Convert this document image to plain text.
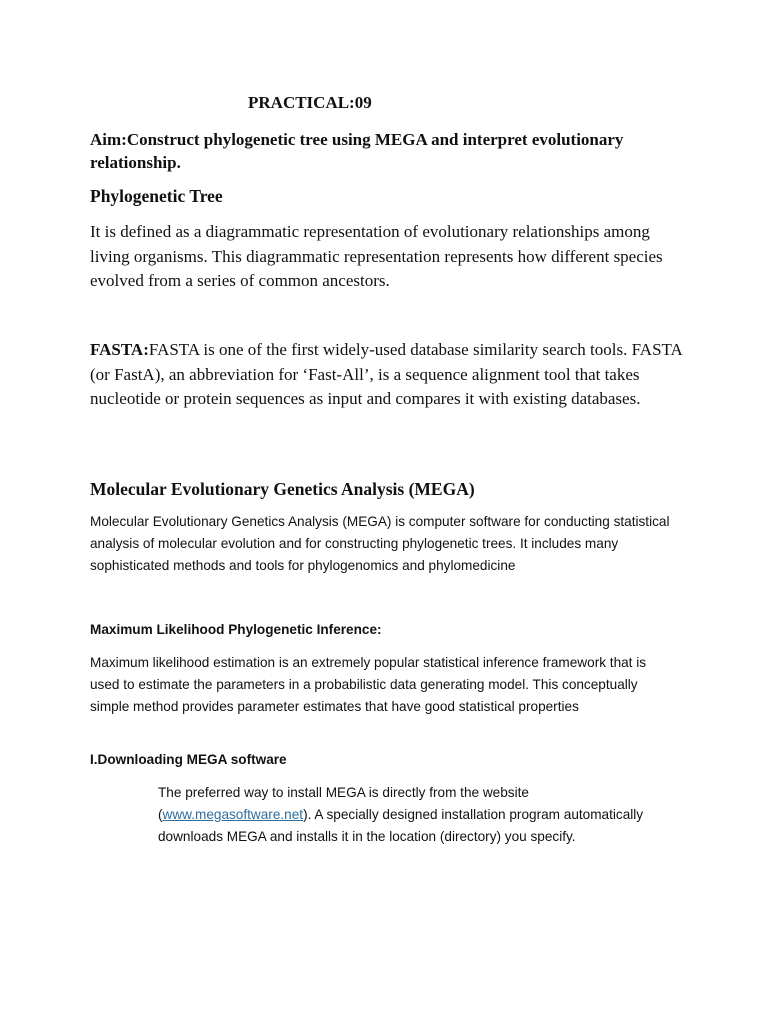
PRACTICAL:09

Aim:Construct phylogenetic tree using MEGA and interpret evolutionary relationship.

Phylogenetic Tree

It is defined as a diagrammatic representation of evolutionary relationships among living organisms. This diagrammatic representation represents how different species evolved from a series of common ancestors.

FASTA:FASTA is one of the first widely-used database similarity search tools. FASTA (or FastA), an abbreviation for ‘Fast-All’, is a sequence alignment tool that takes nucleotide or protein sequences as input and compares it with existing databases.

Molecular Evolutionary Genetics Analysis (MEGA)

Molecular Evolutionary Genetics Analysis (MEGA) is computer software for conducting statistical analysis of molecular evolution and for constructing phylogenetic trees. It includes many sophisticated methods and tools for phylogenomics and phylomedicine

Maximum Likelihood Phylogenetic Inference:

Maximum likelihood estimation is an extremely popular statistical inference framework that is used to estimate the parameters in a probabilistic data generating model. This conceptually simple method provides parameter estimates that have good statistical properties

I.Downloading MEGA software

The preferred way to install MEGA is directly from the website (www.megasoftware.net). A specially designed installation program automatically downloads MEGA and installs it in the location (directory) you specify.
